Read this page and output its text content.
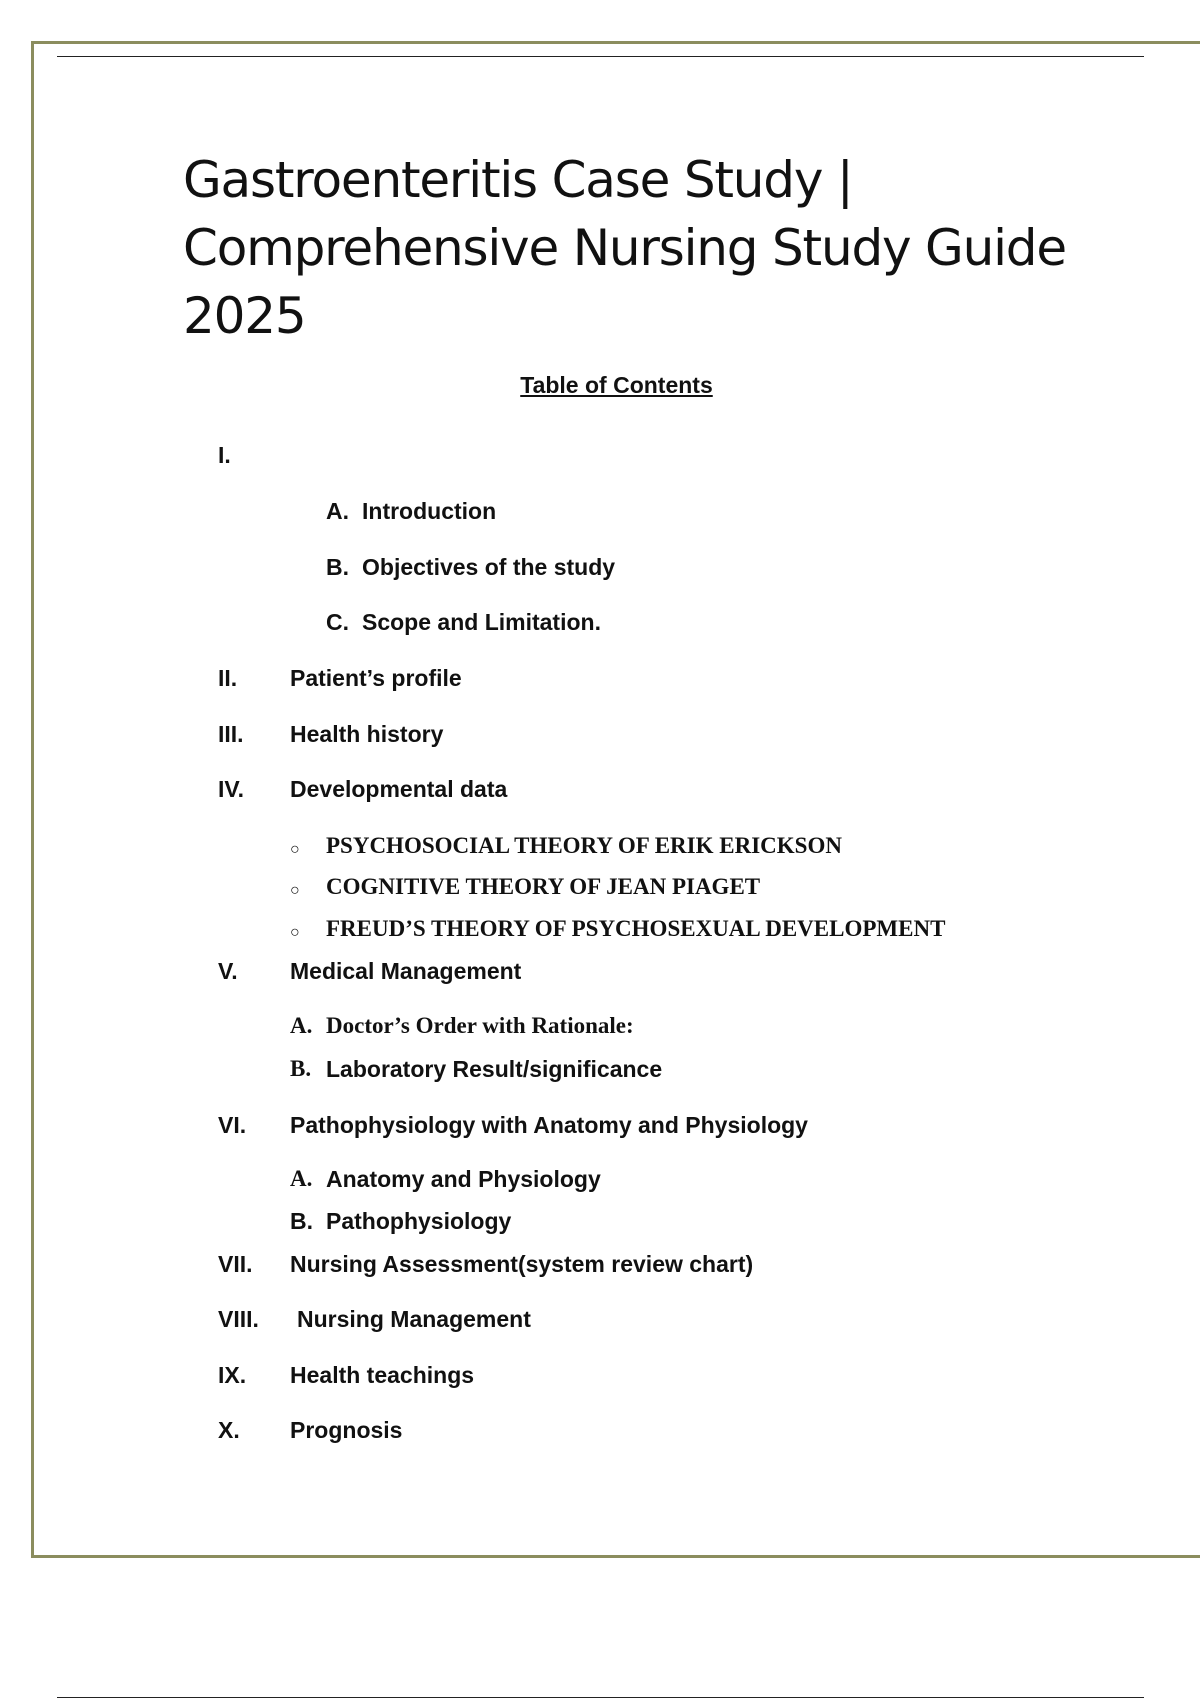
Gastroenteritis Case Study |
Comprehensive Nursing Study Guide
2025
Table of Contents
I.
A. Introduction
B. Objectives of the study
C. Scope and Limitation.
II. Patient’s profile
III. Health history
IV. Developmental data
○ PSYCHOSOCIAL THEORY OF ERIK ERICKSON
○ COGNITIVE THEORY OF JEAN PIAGET
○ FREUD’S THEORY OF PSYCHOSEXUAL DEVELOPMENT
V. Medical Management
A. Doctor’s Order with Rationale:
B. Laboratory Result/significance
VI. Pathophysiology with Anatomy and Physiology
A. Anatomy and Physiology
B. Pathophysiology
VII. Nursing Assessment(system review chart)
VIII. Nursing Management
IX. Health teachings
X. Prognosis
